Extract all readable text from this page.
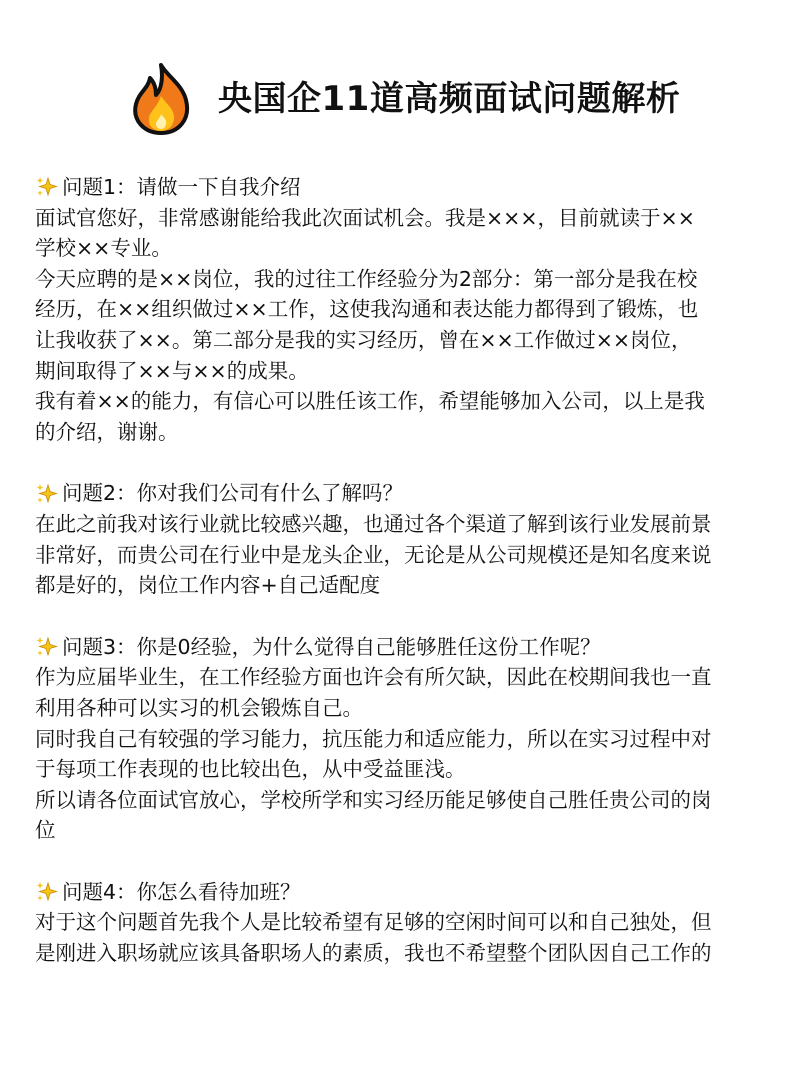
央国企11道高频面试问题解析
问题1：请做一下自我介绍
面试官您好，非常感谢能给我此次面试机会。我是×××，目前就读于××
学校××专业。
今天应聘的是××岗位，我的过往工作经验分为2部分：第一部分是我在校
经历，在××组织做过××工作，这使我沟通和表达能力都得到了锻炼，也
让我收获了××。第二部分是我的实习经历，曾在××工作做过××岗位，
期间取得了××与××的成果。
我有着××的能力，有信心可以胜任该工作，希望能够加入公司，以上是我
的介绍，谢谢。
问题2：你对我们公司有什么了解吗？
在此之前我对该行业就比较感兴趣，也通过各个渠道了解到该行业发展前景
非常好，而贵公司在行业中是龙头企业，无论是从公司规模还是知名度来说
都是好的，岗位工作内容+自己适配度
问题3：你是0经验，为什么觉得自己能够胜任这份工作呢？
作为应届毕业生，在工作经验方面也许会有所欠缺，因此在校期间我也一直
利用各种可以实习的机会锻炼自己。
同时我自己有较强的学习能力，抗压能力和适应能力，所以在实习过程中对
于每项工作表现的也比较出色，从中受益匪浅。
所以请各位面试官放心，学校所学和实习经历能足够使自己胜任贵公司的岗
位
问题4：你怎么看待加班？
对于这个问题首先我个人是比较希望有足够的空闲时间可以和自己独处，但
是刚进入职场就应该具备职场人的素质，我也不希望整个团队因自己工作的
